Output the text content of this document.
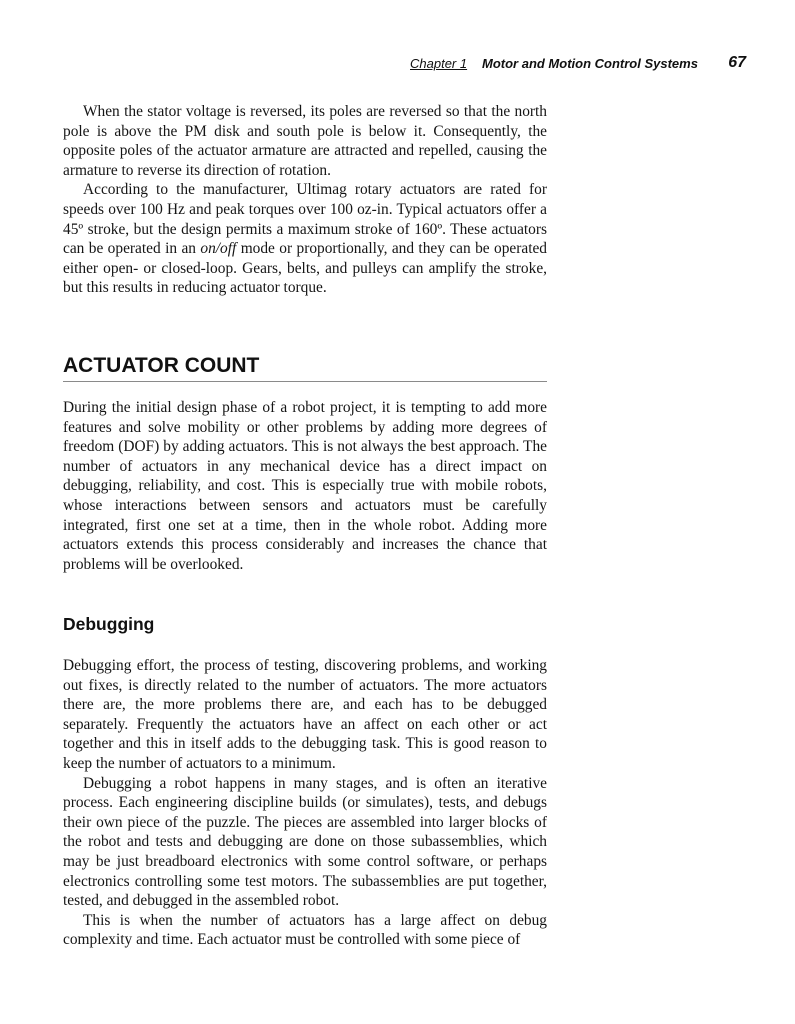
Chapter 1 Motor and Motion Control Systems 67

When the stator voltage is reversed, its poles are reversed so that the north pole is above the PM disk and south pole is below it. Consequently, the opposite poles of the actuator armature are attracted and repelled, causing the armature to reverse its direction of rotation.

According to the manufacturer, Ultimag rotary actuators are rated for speeds over 100 Hz and peak torques over 100 oz-in. Typical actuators offer a 45º stroke, but the design permits a maximum stroke of 160º. These actuators can be operated in an on/off mode or proportionally, and they can be operated either open- or closed-loop. Gears, belts, and pulleys can amplify the stroke, but this results in reducing actuator torque.

ACTUATOR COUNT

During the initial design phase of a robot project, it is tempting to add more features and solve mobility or other problems by adding more degrees of freedom (DOF) by adding actuators. This is not always the best approach. The number of actuators in any mechanical device has a direct impact on debugging, reliability, and cost. This is especially true with mobile robots, whose interactions between sensors and actuators must be carefully integrated, first one set at a time, then in the whole robot. Adding more actuators extends this process considerably and increases the chance that problems will be overlooked.

Debugging

Debugging effort, the process of testing, discovering problems, and working out fixes, is directly related to the number of actuators. The more actuators there are, the more problems there are, and each has to be debugged separately. Frequently the actuators have an affect on each other or act together and this in itself adds to the debugging task. This is good reason to keep the number of actuators to a minimum.

Debugging a robot happens in many stages, and is often an iterative process. Each engineering discipline builds (or simulates), tests, and debugs their own piece of the puzzle. The pieces are assembled into larger blocks of the robot and tests and debugging are done on those subassemblies, which may be just breadboard electronics with some control software, or perhaps electronics controlling some test motors. The subassemblies are put together, tested, and debugged in the assembled robot.

This is when the number of actuators has a large affect on debug complexity and time. Each actuator must be controlled with some piece of
